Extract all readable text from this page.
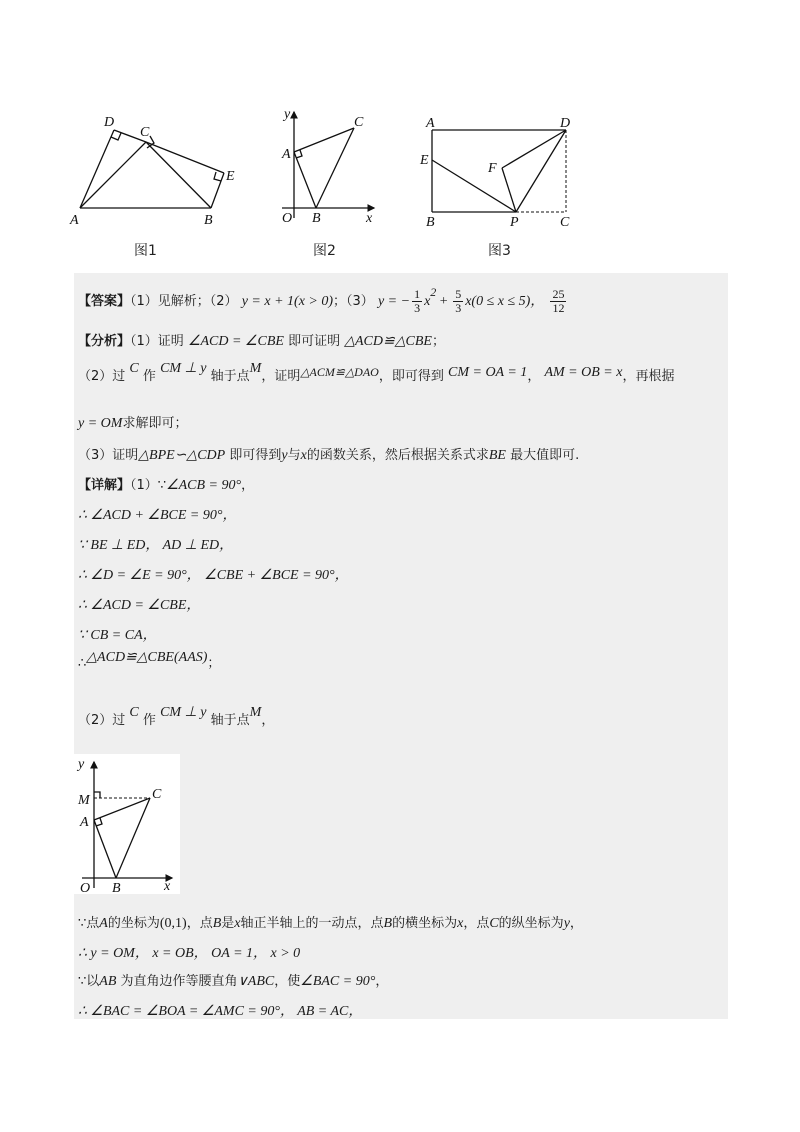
A	B
C
D
E
图1
y
x
O
A
B
C
图2
A	D
E
F
B	P	C
图3
【答案】（1）见解析；（2） y = x + 1(x > 0)；（3） y = − $\frac{1}{3} x2 + \frac{5}{3} x(0 \le x \le 5)$， $\frac{25}{12}$
【分析】（1）证明 ∠ACD = ∠CBE 即可证明 △ACD≌△CBE；
（2）过 C 作 CM ⊥ y 轴于点M，证明△ACM≌△DAO，即可得到 CM = OA = 1， AM = OB = x，再根据
y = OM求解即可；
（3）证明△BPE∽△CDP 即可得到y与x的函数关系，然后根据关系式求BE 最大值即可.
【详解】（1）∵∠ACB = 90°，
∴ ∠ACD + ∠BCE = 90°，
∵ BE ⊥ ED， AD ⊥ ED，
∴ ∠D = ∠E = 90°， ∠CBE + ∠BCE = 90°，
∴ ∠ACD = ∠CBE，
∵ CB = CA，
∴△ACD≌△CBE(AAS)；
（2）过 C 作 CM ⊥ y 轴于点M，
y
M
A
C
O B	x
∵点A的坐标为(0,1)，点B是x轴正半轴上的一动点，点B的横坐标为x，点C的纵坐标为y，
∴ y = OM， x = OB， OA = 1， x > 0
∵以AB 为直角边作等腰直角∨ABC，使∠BAC = 90°，
∴ ∠BAC = ∠BOA = ∠AMC = 90°， AB = AC，
